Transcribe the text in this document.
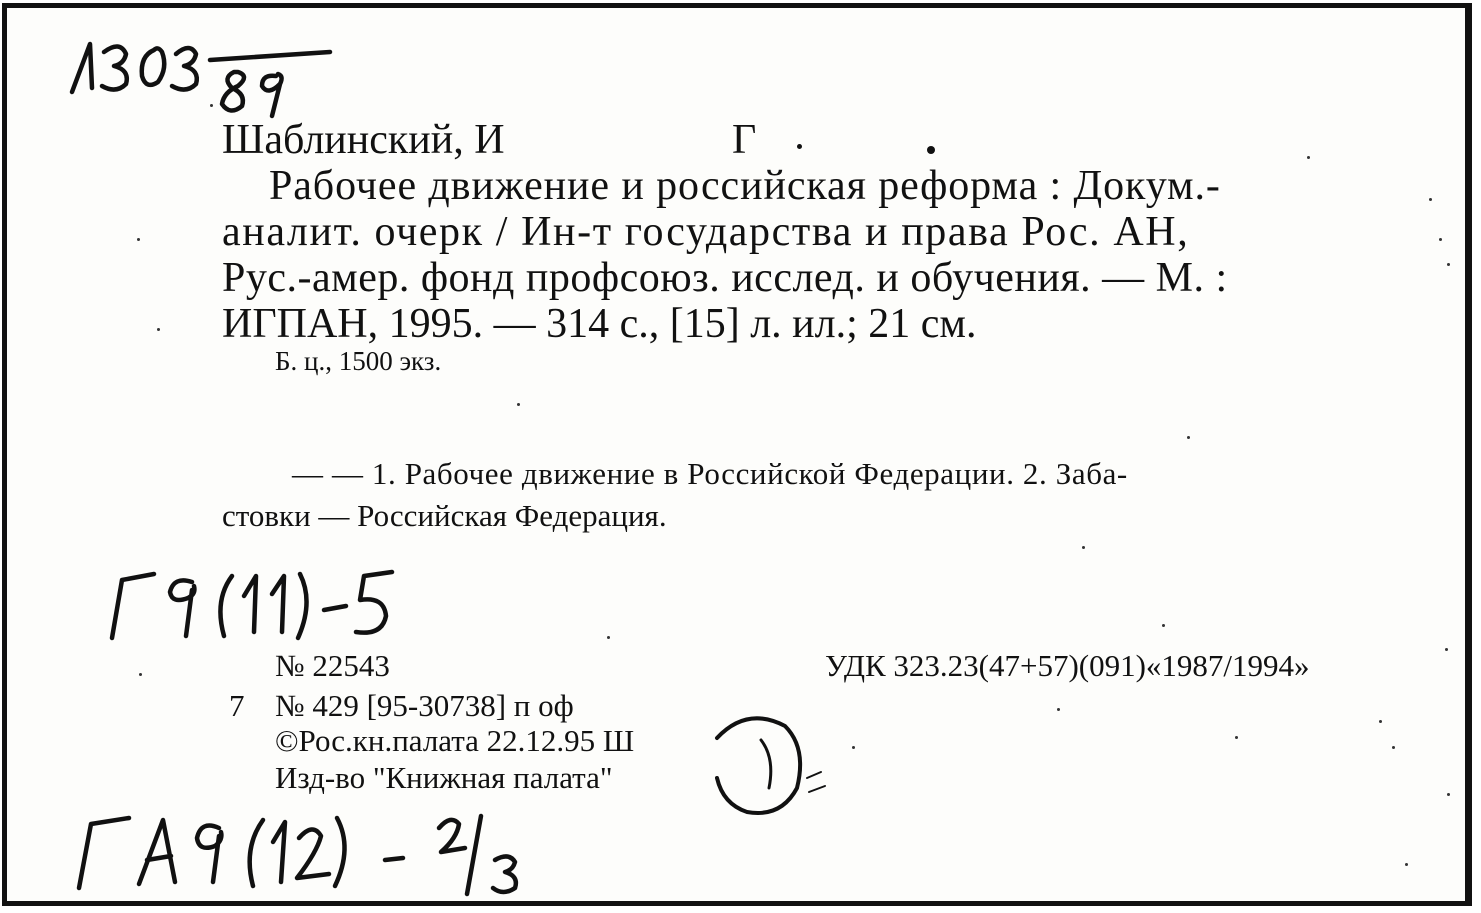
Шаблинский, И	Г
Рабочее движение и российская реформа : Докум.-
аналит. очерк / Ин-т государства и права Рос. АН,
Рус.-амер. фонд профсоюз. исслед. и обучения. — М. :
ИГПАН, 1995. — 314 с., [15] л. ил.; 21 см.
Б. ц., 1500 экз.
— — 1. Рабочее движение в Российской Федерации. 2. Заба-
стовки — Российская Федерация.
№ 22543	УДК 323.23(47+57)(091)«1987/1994»
7 № 429 [95-30738] п оф
©Рос.кн.палата 22.12.95 Ш
Изд-во "Книжная палата"
